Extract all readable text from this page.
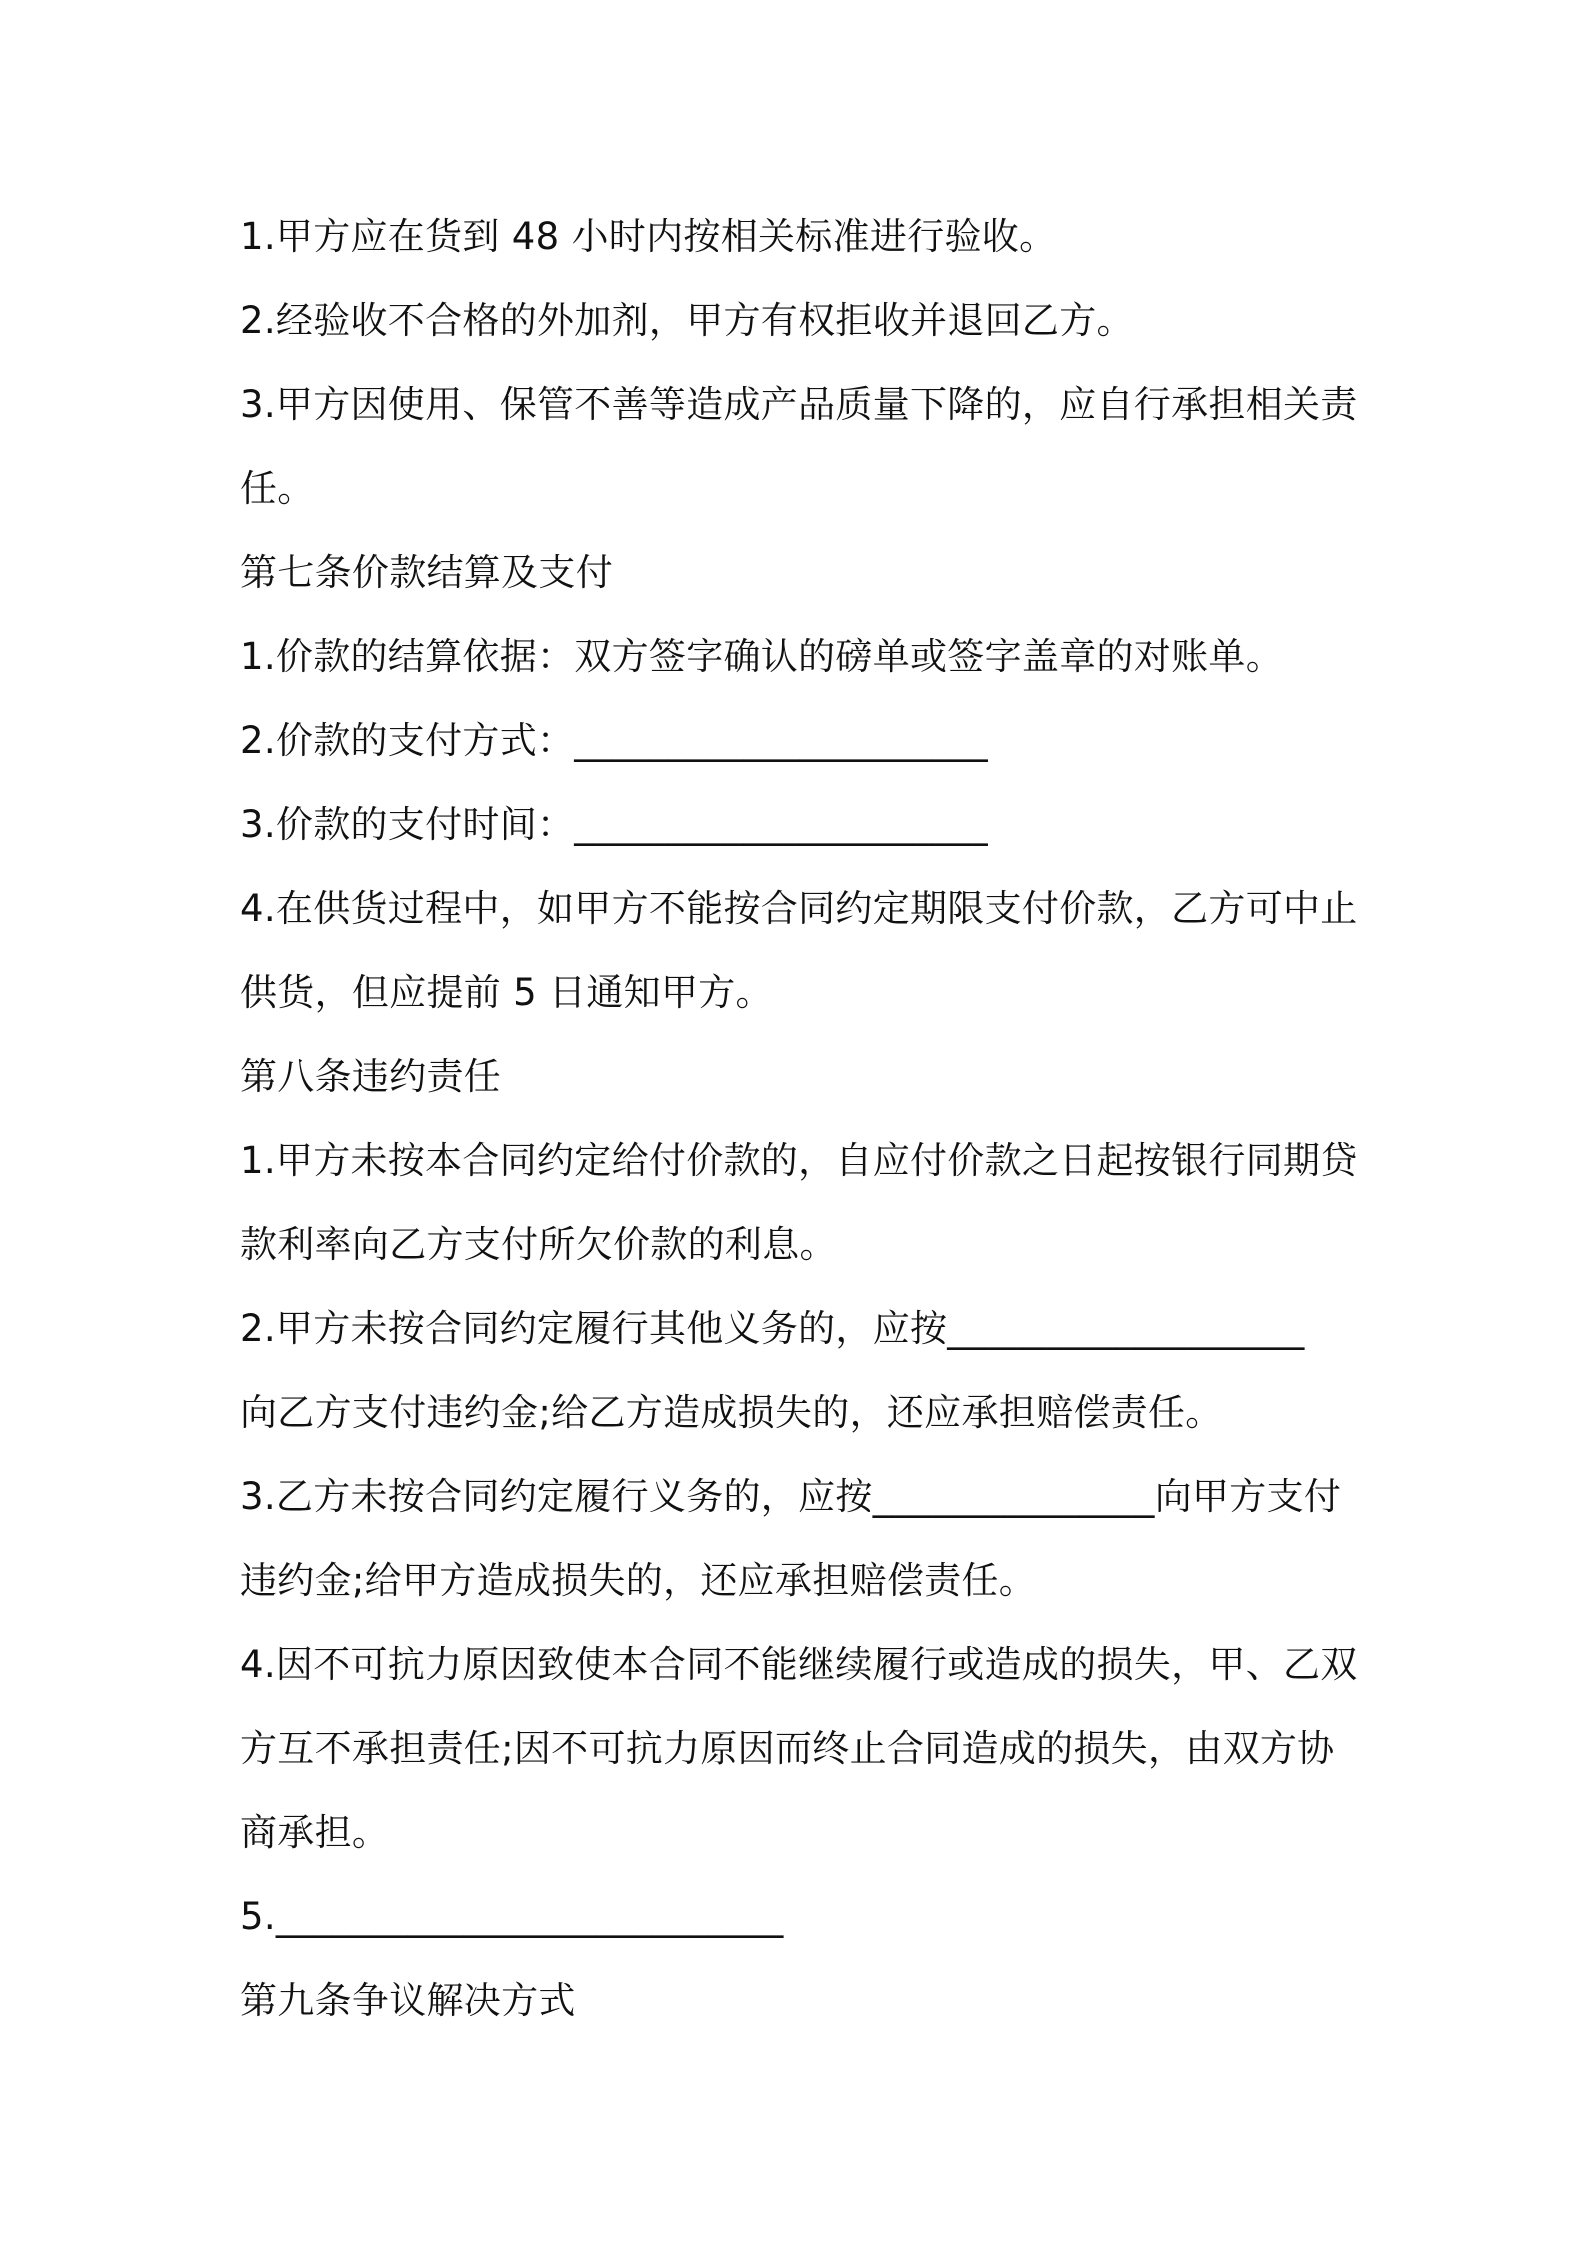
1.甲方应在货到 48 小时内按相关标准进行验收。
2.经验收不合格的外加剂，甲方有权拒收并退回乙方。
3.甲方因使用、保管不善等造成产品质量下降的，应自行承担相关责
任。
第七条价款结算及支付
1.价款的结算依据：双方签字确认的磅单或签字盖章的对账单。
2.价款的支付方式：______________________
3.价款的支付时间：______________________
4.在供货过程中，如甲方不能按合同约定期限支付价款，乙方可中止
供货，但应提前 5 日通知甲方。
第八条违约责任
1.甲方未按本合同约定给付价款的，自应付价款之日起按银行同期贷
款利率向乙方支付所欠价款的利息。
2.甲方未按合同约定履行其他义务的，应按___________________
向乙方支付违约金;给乙方造成损失的，还应承担赔偿责任。
3.乙方未按合同约定履行义务的，应按_______________向甲方支付
违约金;给甲方造成损失的，还应承担赔偿责任。
4.因不可抗力原因致使本合同不能继续履行或造成的损失，甲、乙双
方互不承担责任;因不可抗力原因而终止合同造成的损失，由双方协
商承担。
5.___________________________
第九条争议解决方式
